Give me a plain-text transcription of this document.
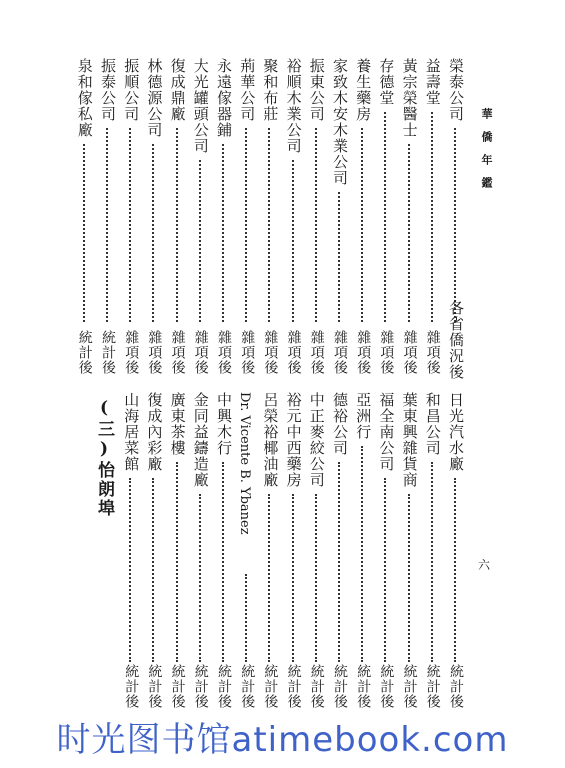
華僑年鑑
六
榮泰公司
各省僑況後
益壽堂
雜項後
黃宗榮醫士
雜項後
存德堂
雜項後
養生藥房
雜項後
家致木安木業公司
雜項後
振東公司
雜項後
裕順木業公司
雜項後
聚和布莊
雜項後
荊華公司
雜項後
永遠傢器鋪
雜項後
大光罐頭公司
雜項後
復成鼎廠
雜項後
林德源公司
雜項後
振順公司
雜項後
振泰公司
統計後
泉和傢私廠
統計後
日光汽水廠
統計後
和昌公司
統計後
葉東興雜貨商
統計後
福全南公司
統計後
亞洲行
統計後
德裕公司
統計後
中正麥絞公司
統計後
裕元中西藥房
統計後
呂榮裕椰油廠
統計後
Dr. Vicente B. Ybanez
統計後
中興木行
統計後
金同益鑄造廠
統計後
廣東茶樓
統計後
復成內彩廠
統計後
山海居菜館
統計後
(三)怡朗埠
时光图书馆atimebook.com
